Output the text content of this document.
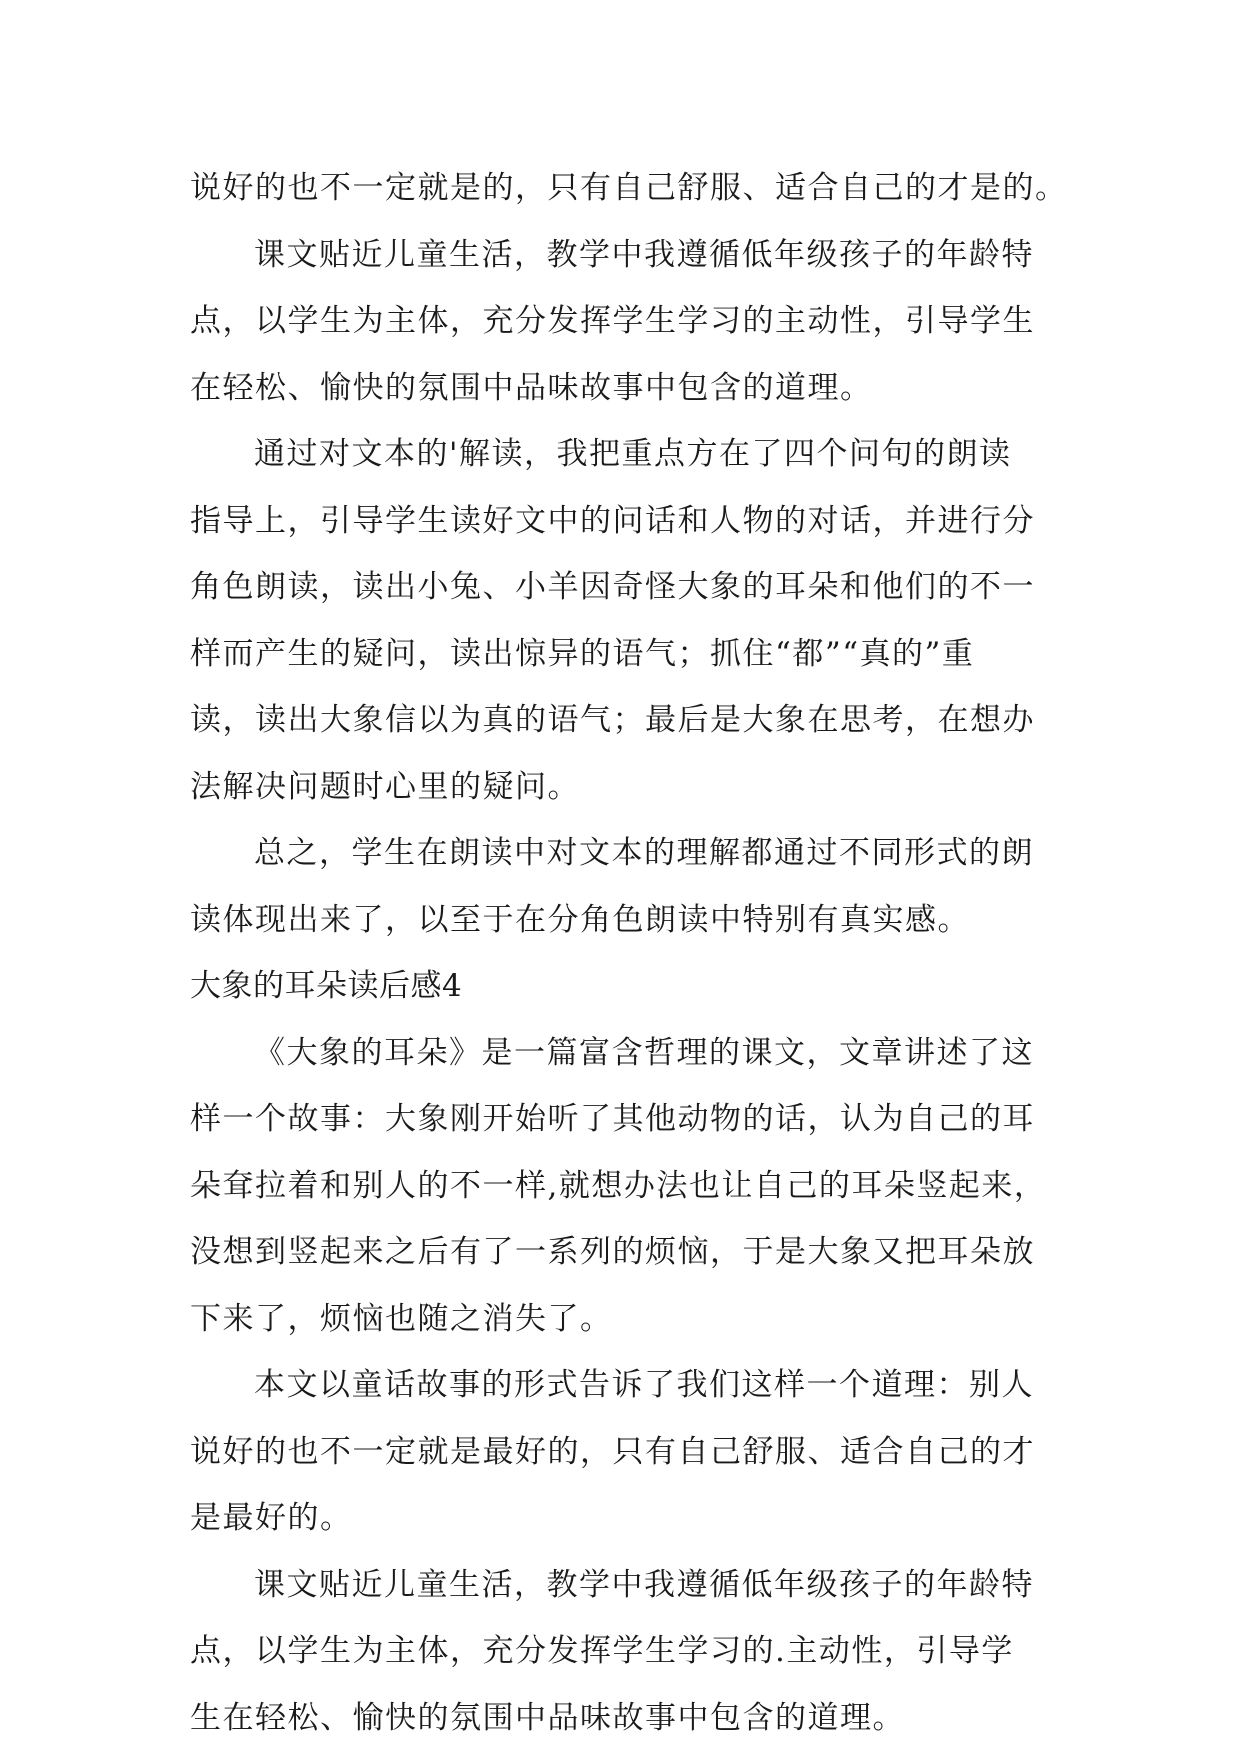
说好的也不一定就是的，只有自己舒服、适合自己的才是的。
课文贴近儿童生活，教学中我遵循低年级孩子的年龄特
点，以学生为主体，充分发挥学生学习的主动性，引导学生
在轻松、愉快的氛围中品味故事中包含的道理。
通过对文本的'解读，我把重点方在了四个问句的朗读
指导上，引导学生读好文中的问话和人物的对话，并进行分
角色朗读，读出小兔、小羊因奇怪大象的耳朵和他们的不一
样而产生的疑问，读出惊异的语气；抓住“都”“真的”重
读，读出大象信以为真的语气；最后是大象在思考，在想办
法解决问题时心里的疑问。
总之，学生在朗读中对文本的理解都通过不同形式的朗
读体现出来了，以至于在分角色朗读中特别有真实感。
大象的耳朵读后感4
《大象的耳朵》是一篇富含哲理的课文，文章讲述了这
样一个故事：大象刚开始听了其他动物的话，认为自己的耳
朵耷拉着和别人的不一样,就想办法也让自己的耳朵竖起来，
没想到竖起来之后有了一系列的烦恼，于是大象又把耳朵放
下来了，烦恼也随之消失了。
本文以童话故事的形式告诉了我们这样一个道理：别人
说好的也不一定就是最好的，只有自己舒服、适合自己的才
是最好的。
课文贴近儿童生活，教学中我遵循低年级孩子的年龄特
点，以学生为主体，充分发挥学生学习的.主动性，引导学
生在轻松、愉快的氛围中品味故事中包含的道理。
